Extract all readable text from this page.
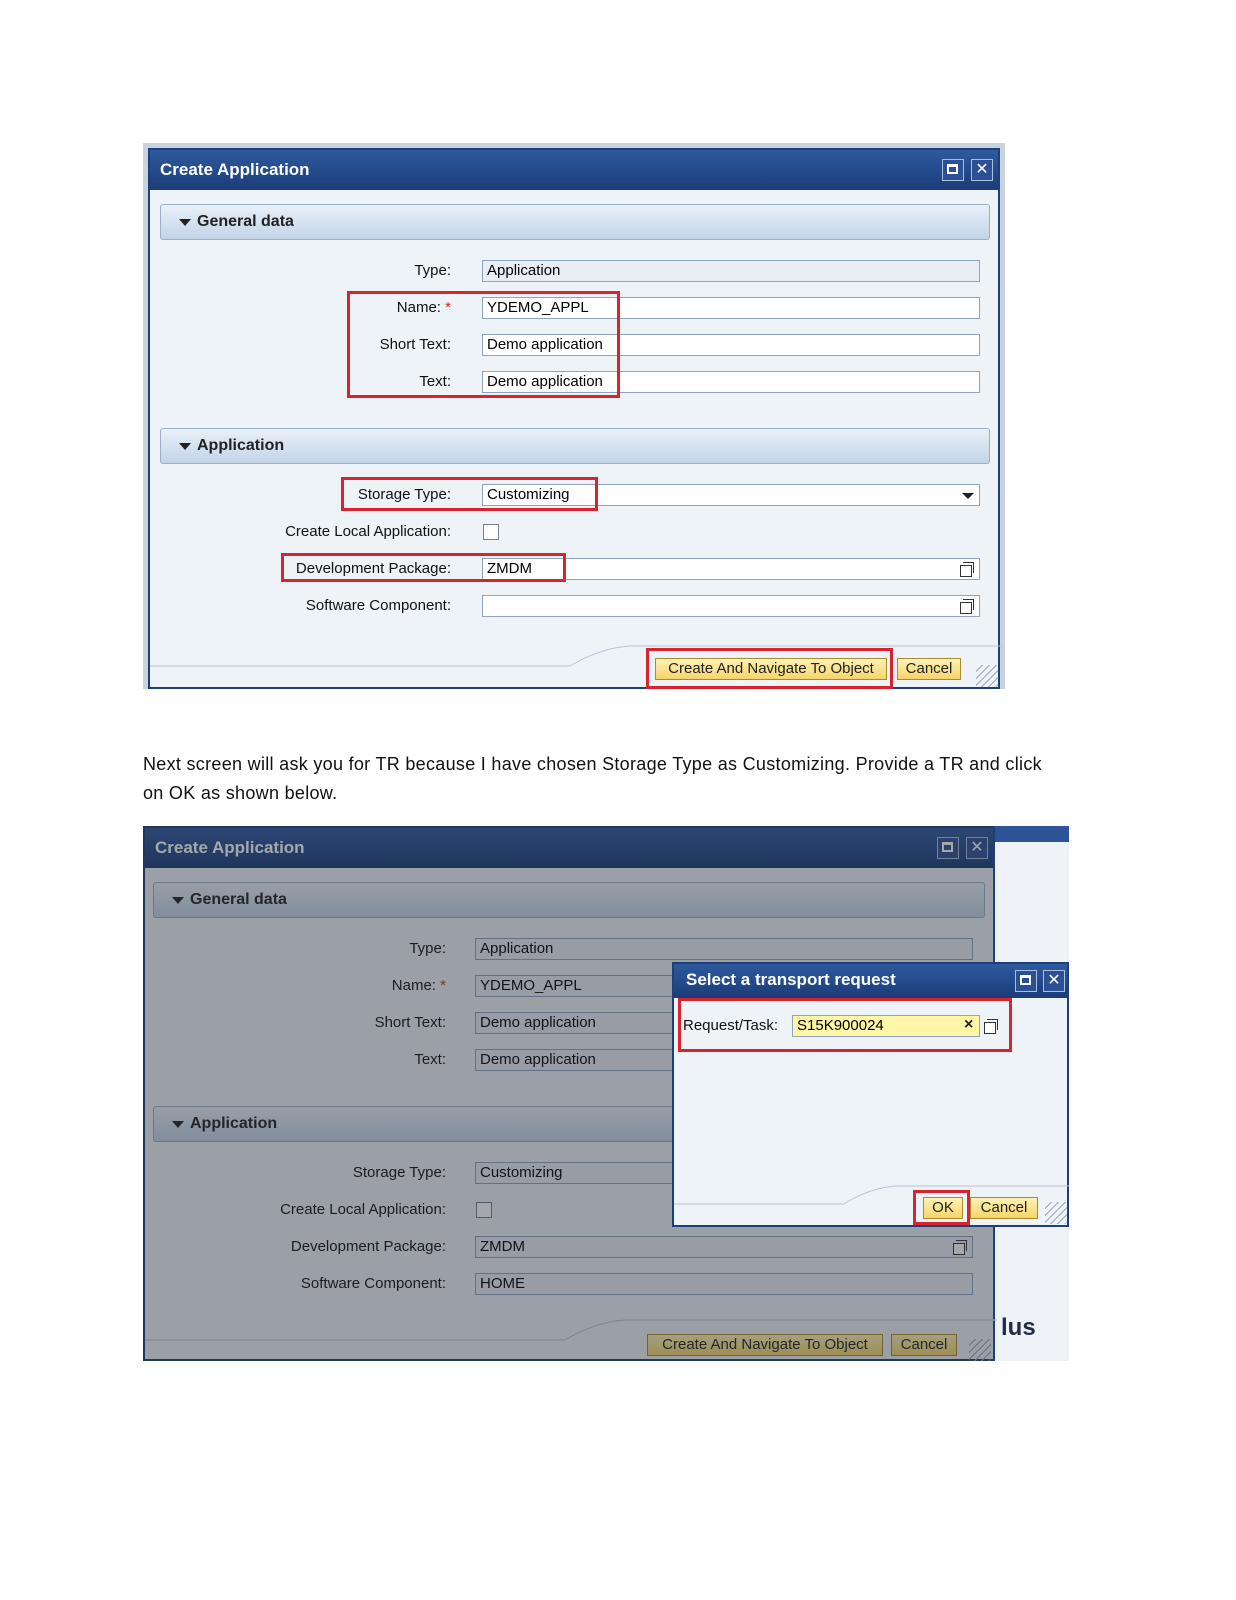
Create Application	✕
General data
Type:	Application
Name: *	YDEMO_APPL
Short Text:	Demo application
Text:	Demo application
Application
Storage Type:	Customizing
Create Local Application:
Development Package:	ZMDM
Software Component:
Create And Navigate To Object	Cancel
Next screen will ask you for TR because I have chosen Storage Type as Customizing. Provide a TR and click on OK as shown below.
lus
Create Application	✕
General data
Type:	Application
Name: *	YDEMO_APPL
Short Text:	Demo application
Text:	Demo application
Application
Storage Type:	Customizing
Create Local Application:
Development Package:	ZMDM
Software Component:	HOME
Create And Navigate To Object	Cancel
Select a transport request	✕
Request/Task:	S15K900024	×
OK	Cancel
